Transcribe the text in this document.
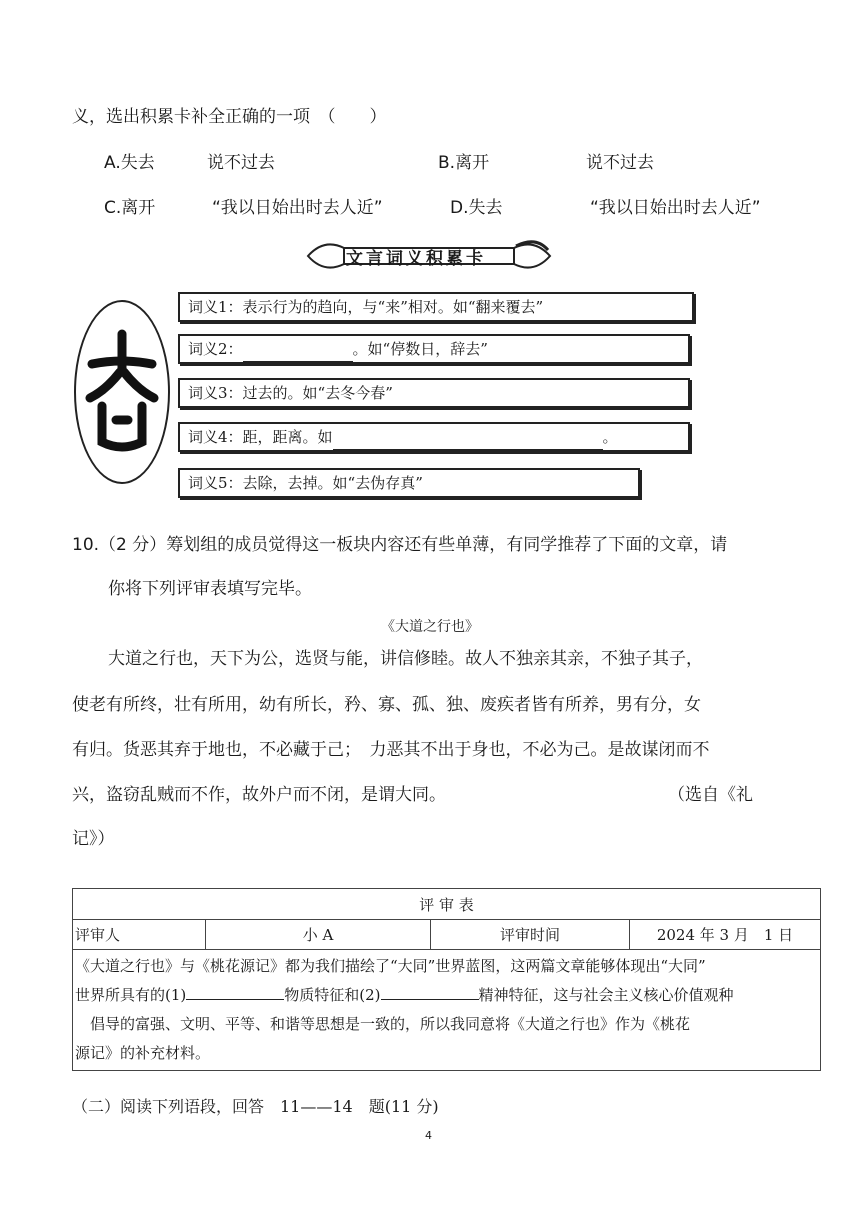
义，选出积累卡补全正确的一项　（　　）
A.失去	说不过去	B.离开	说不过去
C.离开	“我以日始出时去人近”	D.失去	“我以日始出时去人近”
文言词义积累卡
词义1：表示行为的趋向，与“来”相对。如“翻来覆去”
词义2：	。如“停数日，辞去”
词义3：过去的。如“去冬今春”
词义4：距，距离。如	。
词义5：去除，去掉。如“去伪存真”
10.（2 分）筹划组的成员觉得这一板块内容还有些单薄，有同学推荐了下面的文章，请
你将下列评审表填写完毕。
《大道之行也》
大道之行也，天下为公，选贤与能，讲信修睦。故人不独亲其亲，不独子其子，
使老有所终，壮有所用，幼有所长，矜、寡、孤、独、废疾者皆有所养，男有分，女
有归。货恶其弃于地也，不必藏于己；　力恶其不出于身也，不必为己。是故谋闭而不
兴，盗窃乱贼而不作，故外户而不闭，是谓大同。	（选自《礼
记》）
评 审 表
评审人	小 A	评审时间	2024 年 3 月　1 日

《大道之行也》与《桃花源记》都为我们描绘了“大同”世界蓝图，这两篇文章能够体现出“大同”
世界所具有的(1)	物质特征和(2)	精神特征，这与社会主义核心价值观种
　倡导的富强、文明、平等、和谐等思想是一致的，所以我同意将《大道之行也》作为《桃花
源记》的补充材料。
（二）阅读下列语段，回答　11——14　题(11 分)
4
